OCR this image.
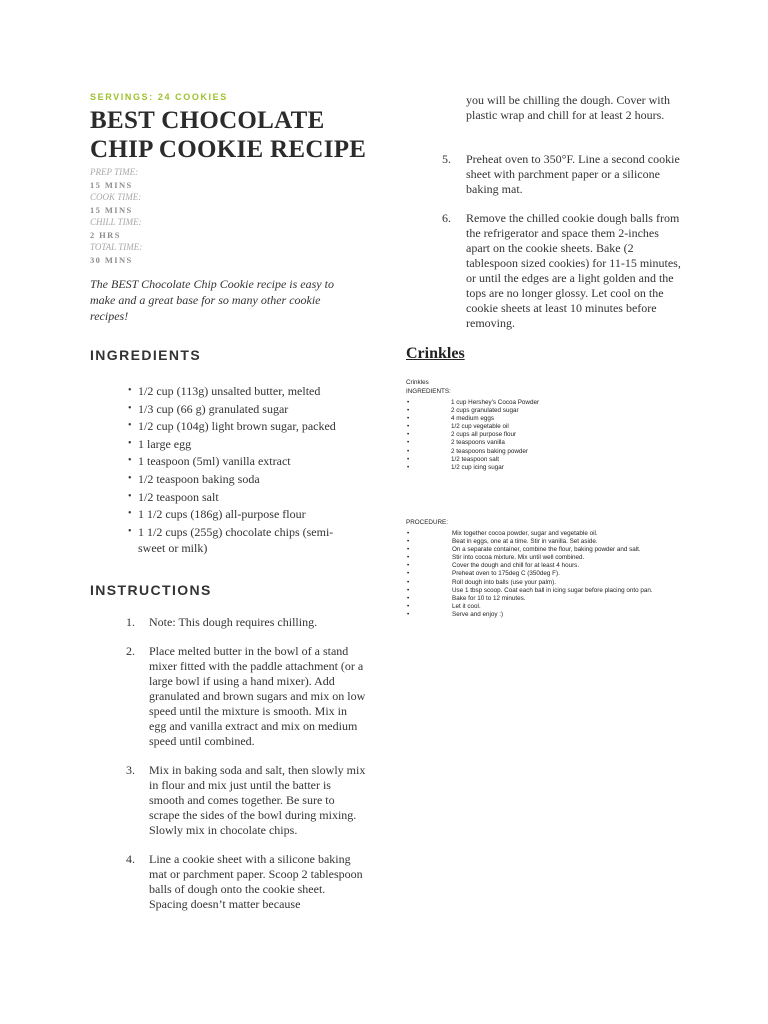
SERVINGS: 24 COOKIES
BEST CHOCOLATE CHIP COOKIE RECIPE
PREP TIME:
15 MINS
COOK TIME:
15 MINS
CHILL TIME:
2 HRS
TOTAL TIME:
30 MINS

The BEST Chocolate Chip Cookie recipe is easy to make and a great base for so many other cookie recipes!

INGREDIENTS
• 1/2 cup (113g) unsalted butter, melted
• 1/3 cup (66 g) granulated sugar
• 1/2 cup (104g) light brown sugar, packed
• 1 large egg
• 1 teaspoon (5ml) vanilla extract
• 1/2 teaspoon baking soda
• 1/2 teaspoon salt
• 1 1/2 cups (186g) all-purpose flour
• 1 1/2 cups (255g) chocolate chips (semi-sweet or milk)
INSTRUCTIONS
1.	Note: This dough requires chilling.
2.	Place melted butter in the bowl of a stand mixer fitted with the paddle attachment (or a large bowl if using a hand mixer). Add granulated and brown sugars and mix on low speed until the mixture is smooth. Mix in egg and vanilla extract and mix on medium speed until combined.
3.	Mix in baking soda and salt, then slowly mix in flour and mix just until the batter is smooth and comes together. Be sure to scrape the sides of the bowl during mixing. Slowly mix in chocolate chips.
4.	Line a cookie sheet with a silicone baking mat or parchment paper. Scoop 2 tablespoon balls of dough onto the cookie sheet. Spacing doesn’t matter because

you will be chilling the dough. Cover with plastic wrap and chill for at least 2 hours.

5.	Preheat oven to 350°F. Line a second cookie sheet with parchment paper or a silicone baking mat.
6.	Remove the chilled cookie dough balls from the refrigerator and space them 2-inches apart on the cookie sheets. Bake (2 tablespoon sized cookies) for 11-15 minutes, or until the edges are a light golden and the tops are no longer glossy. Let cool on the cookie sheets at least 10 minutes before removing.
Crinkles
Crinkles
INGREDIENTS:
•	1 cup Hershey’s Cocoa Powder
•	2 cups granulated sugar
•	4 medium eggs
•	1/2 cup vegetable oil
•	2 cups all purpose flour
•	2 teaspoons vanilla
•	2 teaspoons baking powder
•	1/2 teaspoon salt
•	1/2 cup icing sugar
PROCEDURE:
•	Mix together cocoa powder, sugar and vegetable oil.
•	Beat in eggs, one at a time. Stir in vanilla. Set aside.
•	On a separate container, combine the flour, baking powder and salt.
•	Stir into cocoa mixture. Mix until well combined.
•	Cover the dough and chill for at least 4 hours.
•	Preheat oven to 175deg C (350deg F).
•	Roll dough into balls (use your palm).
•	Use 1 tbsp scoop. Coat each ball in icing sugar before placing onto pan.
•	Bake for 10 to 12 minutes.
•	Let it cool.
•	Serve and enjoy :)
